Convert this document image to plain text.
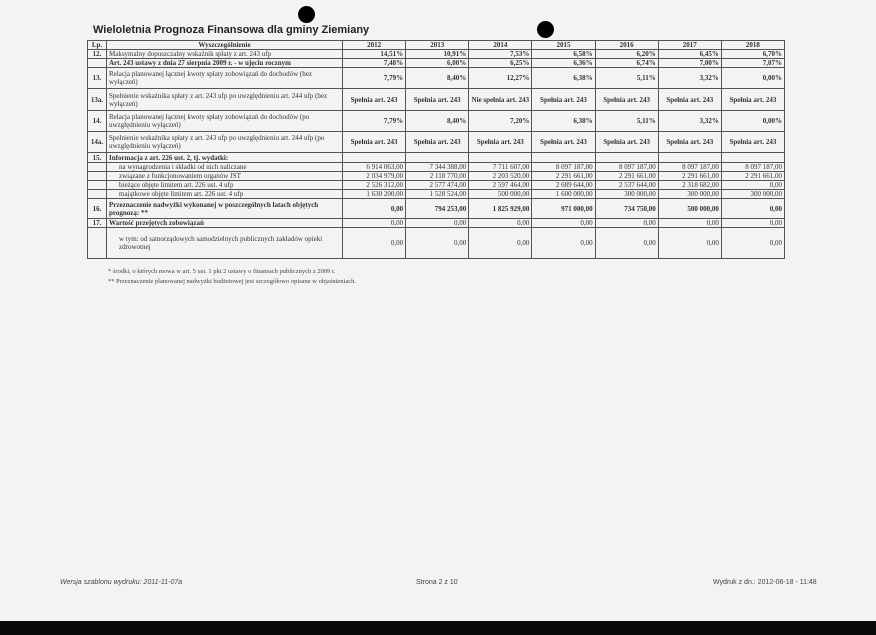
Wieloletnia Prognoza Finansowa dla gminy Ziemiany
Lp.	Wyszczególnienie	2012	2013	2014	2015	2016	2017	2018
12.	Maksymalny dopuszczalny wskaźnik spłaty z art. 243 ufp	14,51%	10,91%	7,53%	6,58%	6,20%	6,45%	6,70%
	Art. 243 ustawy z dnia 27 sierpnia 2009 r. - w ujęciu rocznym	7,48%	6,00%	6,25%	6,36%	6,74%	7,00%	7,07%
13.	Relacja planowanej łącznej kwoty spłaty zobowiązań do dochodów (bez wyłączeń)	7,79%	8,40%	12,27%	6,38%	5,11%	3,32%	0,00%
13a.	Spełnienie wskaźnika spłaty z art. 243 ufp po uwzględnieniu art. 244 ufp (bez wyłączeń)	Spełnia art. 243	Spełnia art. 243	Nie spełnia art. 243	Spełnia art. 243	Spełnia art. 243	Spełnia art. 243	Spełnia art. 243
14.	Relacja planowanej łącznej kwoty spłaty zobowiązań do dochodów (po uwzględnieniu wyłączeń)	7,79%	8,40%	7,20%	6,38%	5,11%	3,32%	0,00%
14a.	Spełnienie wskaźnika spłaty z art. 243 ufp po uwzględnieniu art. 244 ufp (po uwzględnieniu wyłączeń)	Spełnia art. 243	Spełnia art. 243	Spełnia art. 243	Spełnia art. 243	Spełnia art. 243	Spełnia art. 243	Spełnia art. 243
15.	Informacja z art. 226 ust. 2, tj. wydatki:							
	na wynagrodzenia i składki od nich naliczane	6 914 063,00	7 344 388,00	7 711 607,00	8 097 187,00	8 097 187,00	8 097 187,00	8 097 187,00
	związane z funkcjonowaniem organów JST	2 034 979,00	2 118 770,00	2 203 520,00	2 291 661,00	2 291 661,00	2 291 661,00	2 291 661,00
	bieżące objęte limitem art. 226 ust. 4 ufp	2 526 312,00	2 577 474,00	2 597 464,00	2 689 644,00	2 537 644,00	2 318 682,00	0,00
	majątkowe objęte limitem art. 226 ust. 4 ufp	1 630 200,00	1 528 524,00	500 000,00	1 600 000,00	300 000,00	300 000,00	300 000,00
16.	Przeznaczenie nadwyżki wykonanej w poszczególnych latach objętych prognozą: **	0,00	794 253,00	1 825 929,00	971 000,00	734 750,00	500 000,00	0,00
17.	Wartość przejętych zobowiązań	0,00	0,00	0,00	0,00	0,00	0,00	0,00
	w tym: od samorządowych samodzielnych publicznych zakładów opieki zdrowotnej	0,00	0,00	0,00	0,00	0,00	0,00	0,00
* środki, o których mowa w art. 5 ust. 1 pkt 2 ustawy o finansach publicznych z 2009 r.
** Przeznaczenie planowanej nadwyżki budżetowej jest szczegółowo opisane w objaśnieniach.
Wersja szablonu wydruku: 2011-11-07a	Strona 2 z 10	Wydruk z dn.: 2012-06-18 - 11:48
